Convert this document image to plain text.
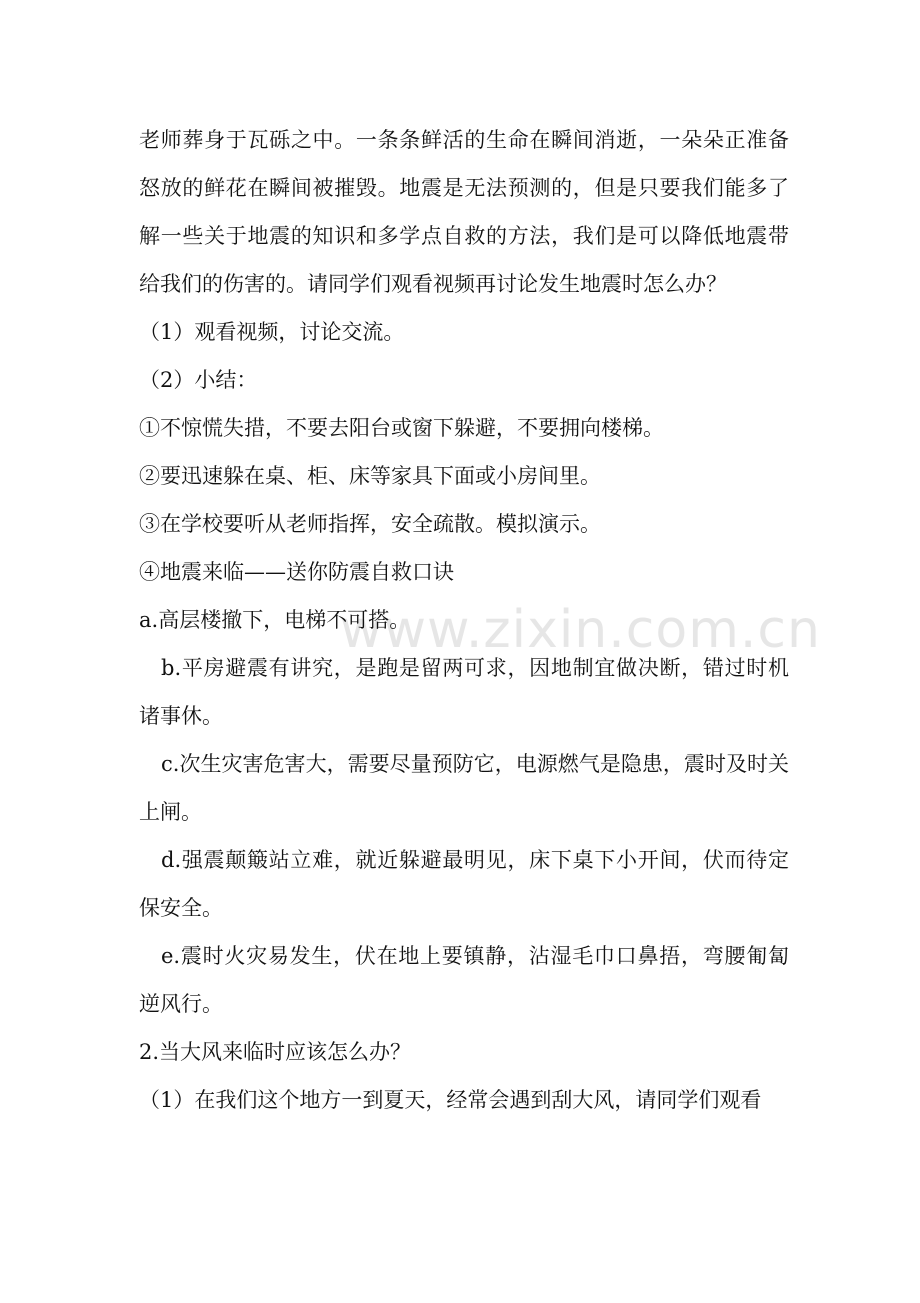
www.zixin.com.cn

老师葬身于瓦砾之中。一条条鲜活的生命在瞬间消逝，一朵朵正准备怒放的鲜花在瞬间被摧毁。地震是无法预测的，但是只要我们能多了解一些关于地震的知识和多学点自救的方法，我们是可以降低地震带给我们的伤害的。请同学们观看视频再讨论发生地震时怎么办？

（1）观看视频，讨论交流。

（2）小结：

①不惊慌失措，不要去阳台或窗下躲避，不要拥向楼梯。

②要迅速躲在桌、柜、床等家具下面或小房间里。

③在学校要听从老师指挥，安全疏散。模拟演示。

④地震来临——送你防震自救口诀

a.高层楼撤下，电梯不可搭。

b.平房避震有讲究，是跑是留两可求，因地制宜做决断，错过时机诸事休。

c.次生灾害危害大，需要尽量预防它，电源燃气是隐患，震时及时关上闸。

d.强震颠簸站立难，就近躲避最明见，床下桌下小开间，伏而待定保安全。

e.震时火灾易发生，伏在地上要镇静，沾湿毛巾口鼻捂，弯腰匍匐逆风行。

2.当大风来临时应该怎么办？

（1）在我们这个地方一到夏天，经常会遇到刮大风，请同学们观看
